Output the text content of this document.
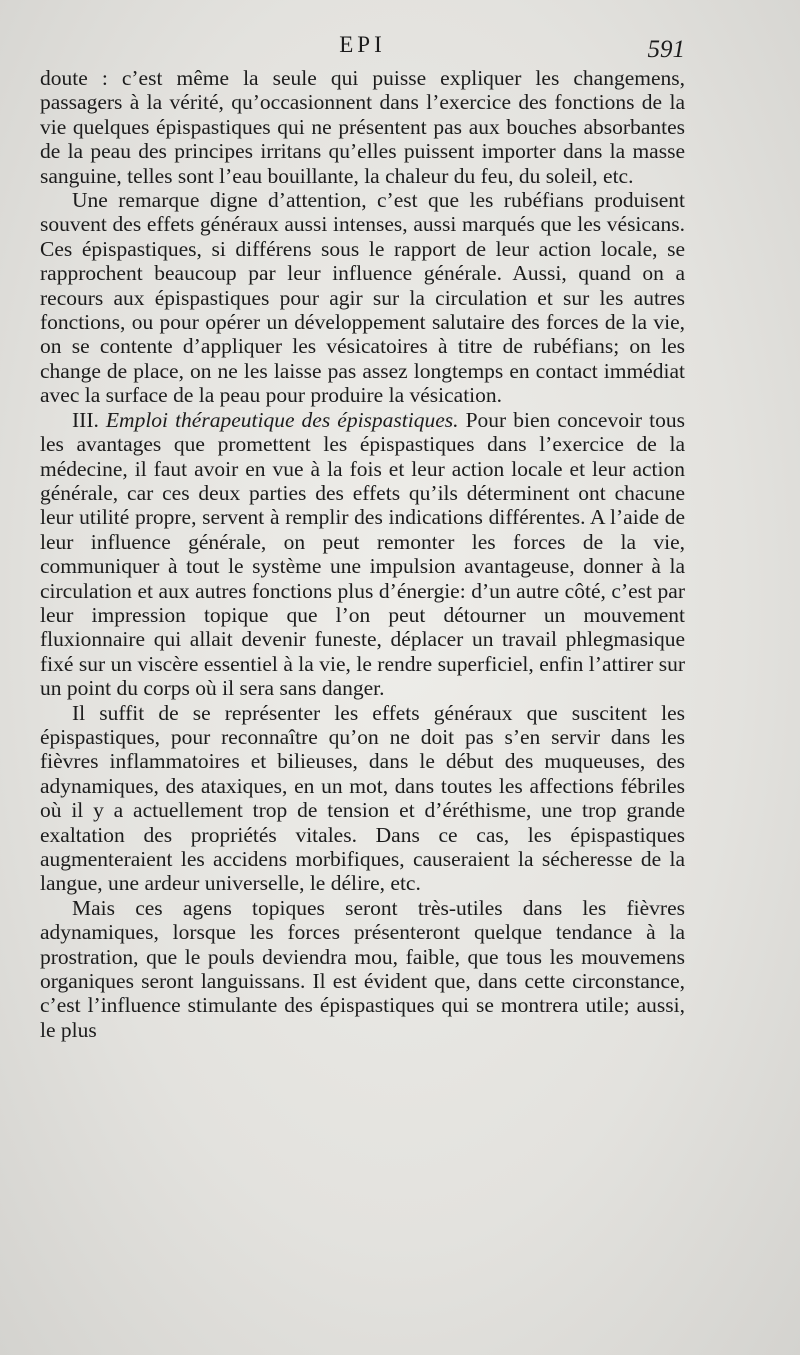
EPI	591

doute : c’est même la seule qui puisse expliquer les changemens, passagers à la vérité, qu’occasionnent dans l’exercice des fonctions de la vie quelques épispastiques qui ne présentent pas aux bouches absorbantes de la peau des principes irritans qu’elles puissent importer dans la masse sanguine, telles sont l’eau bouillante, la chaleur du feu, du soleil, etc.

Une remarque digne d’attention, c’est que les rubéfians produisent souvent des effets généraux aussi intenses, aussi marqués que les vésicans. Ces épispastiques, si différens sous le rapport de leur action locale, se rapprochent beaucoup par leur influence générale. Aussi, quand on a recours aux épispastiques pour agir sur la circulation et sur les autres fonctions, ou pour opérer un développement salutaire des forces de la vie, on se contente d’appliquer les vésicatoires à titre de rubéfians; on les change de place, on ne les laisse pas assez longtemps en contact immédiat avec la surface de la peau pour produire la vésication.

III. Emploi thérapeutique des épispastiques. Pour bien concevoir tous les avantages que promettent les épispastiques dans l’exercice de la médecine, il faut avoir en vue à la fois et leur action locale et leur action générale, car ces deux parties des effets qu’ils déterminent ont chacune leur utilité propre, servent à remplir des indications différentes. A l’aide de leur influence générale, on peut remonter les forces de la vie, communiquer à tout le système une impulsion avantageuse, donner à la circulation et aux autres fonctions plus d’énergie: d’un autre côté, c’est par leur impression topique que l’on peut détourner un mouvement fluxionnaire qui allait devenir funeste, déplacer un travail phlegmasique fixé sur un viscère essentiel à la vie, le rendre superficiel, enfin l’attirer sur un point du corps où il sera sans danger.

Il suffit de se représenter les effets généraux que suscitent les épispastiques, pour reconnaître qu’on ne doit pas s’en servir dans les fièvres inflammatoires et bilieuses, dans le début des muqueuses, des adynamiques, des ataxiques, en un mot, dans toutes les affections fébriles où il y a actuellement trop de tension et d’éréthisme, une trop grande exaltation des propriétés vitales. Dans ce cas, les épispastiques augmenteraient les accidens morbifiques, causeraient la sécheresse de la langue, une ardeur universelle, le délire, etc.

Mais ces agens topiques seront très-utiles dans les fièvres adynamiques, lorsque les forces présenteront quelque tendance à la prostration, que le pouls deviendra mou, faible, que tous les mouvemens organiques seront languissans. Il est évident que, dans cette circonstance, c’est l’influence stimulante des épispastiques qui se montrera utile; aussi, le plus
